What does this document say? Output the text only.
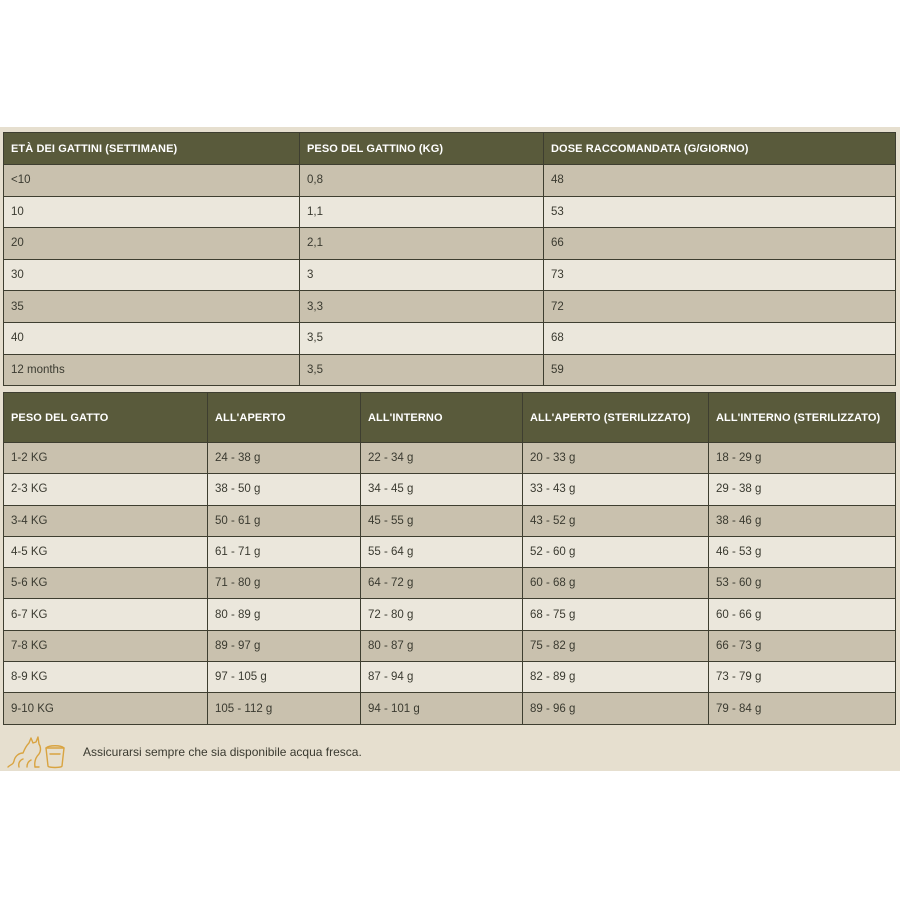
ETÀ DEI GATTINI (SETTIMANE)	PESO DEL GATTINO (KG)	DOSE RACCOMANDATA (G/GIORNO)
<10	0,8	48
10	1,1	53
20	2,1	66
30	3	73
35	3,3	72
40	3,5	68
12 months	3,5	59
PESO DEL GATTO	ALL'APERTO	ALL'INTERNO	ALL'APERTO (STERILIZZATO)	ALL'INTERNO (STERILIZZATO)
1-2 KG	24 - 38 g	22 - 34 g	20 - 33 g	18 - 29 g
2-3 KG	38 - 50 g	34 - 45 g	33 - 43 g	29 - 38 g
3-4 KG	50 - 61 g	45 - 55 g	43 - 52 g	38 - 46 g
4-5 KG	61 - 71 g	55 - 64 g	52 - 60 g	46 - 53 g
5-6 KG	71 - 80 g	64 - 72 g	60 - 68 g	53 - 60 g
6-7 KG	80 - 89 g	72 - 80 g	68 - 75 g	60 - 66 g
7-8 KG	89 - 97 g	80 - 87 g	75 - 82 g	66 - 73 g
8-9 KG	97 - 105 g	87 - 94 g	82 - 89 g	73 - 79 g
9-10 KG	105 - 112 g	94 - 101 g	89 - 96 g	79 - 84 g
Assicurarsi sempre che sia disponibile acqua fresca.
